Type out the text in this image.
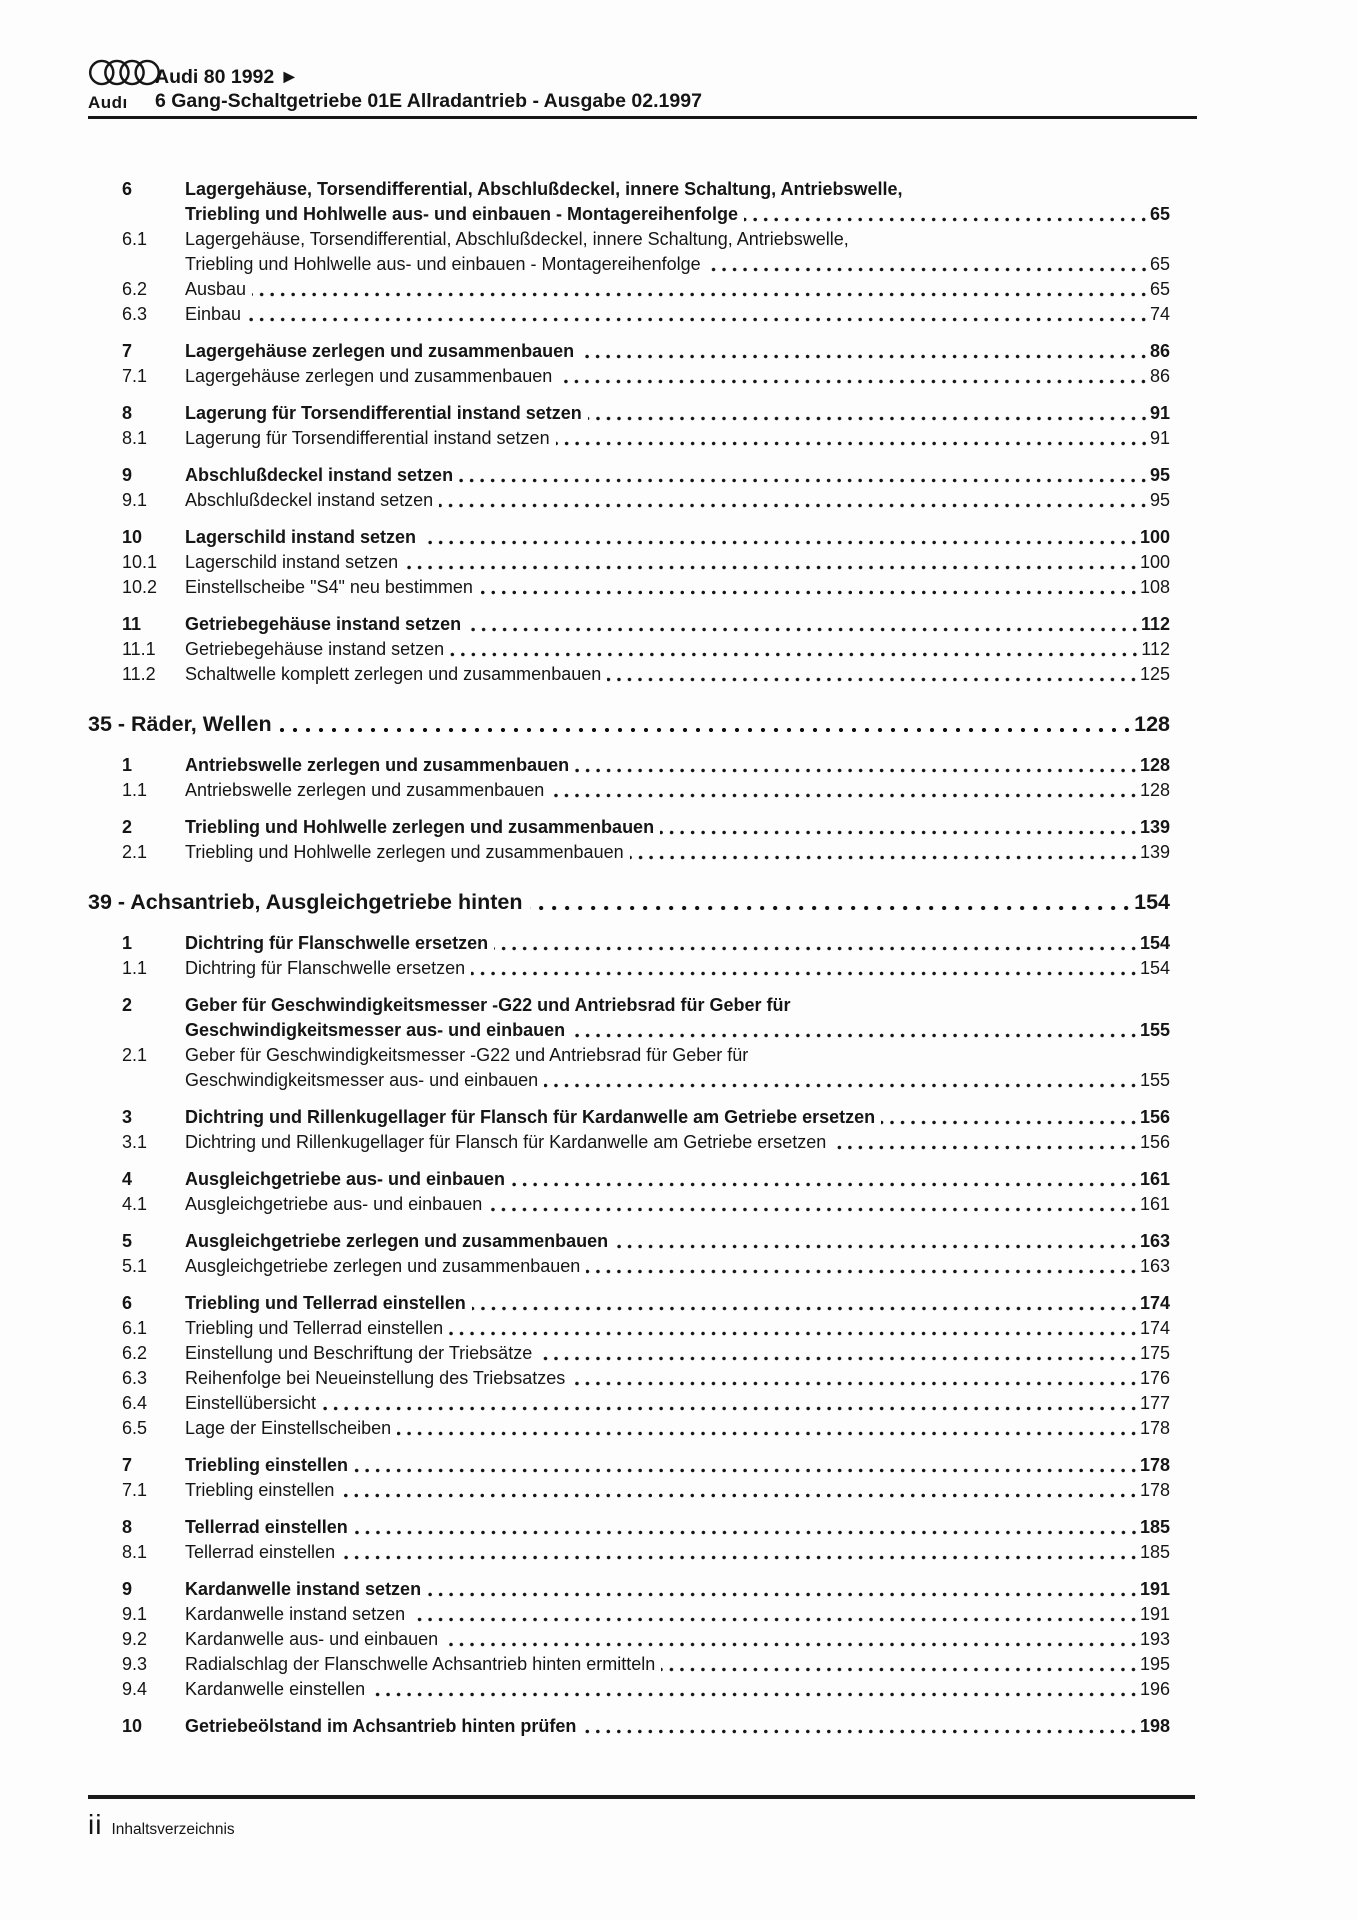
Audi 80 1992 ►
Audı	6 Gang-Schaltgetriebe 01E Allradantrieb - Ausgabe 02.1997
6	Lagergehäuse, Torsendifferential, Abschlußdeckel, innere Schaltung, Antriebswelle,
Triebling und Hohlwelle aus- und einbauen - Montagereihenfolge	65
6.1	Lagergehäuse, Torsendifferential, Abschlußdeckel, innere Schaltung, Antriebswelle,
Triebling und Hohlwelle aus- und einbauen - Montagereihenfolge	65
6.2	Ausbau	65
6.3	Einbau	74
7	Lagergehäuse zerlegen und zusammenbauen	86
7.1	Lagergehäuse zerlegen und zusammenbauen	86
8	Lagerung für Torsendifferential instand setzen	91
8.1	Lagerung für Torsendifferential instand setzen	91
9	Abschlußdeckel instand setzen	95
9.1	Abschlußdeckel instand setzen	95
10	Lagerschild instand setzen	100
10.1	Lagerschild instand setzen	100
10.2	Einstellscheibe "S4" neu bestimmen	108
11	Getriebegehäuse instand setzen	112
11.1	Getriebegehäuse instand setzen	112
11.2	Schaltwelle komplett zerlegen und zusammenbauen	125
35 - Räder, Wellen	128
1	Antriebswelle zerlegen und zusammenbauen	128
1.1	Antriebswelle zerlegen und zusammenbauen	128
2	Triebling und Hohlwelle zerlegen und zusammenbauen	139
2.1	Triebling und Hohlwelle zerlegen und zusammenbauen	139
39 - Achsantrieb, Ausgleichgetriebe hinten	154
1	Dichtring für Flanschwelle ersetzen	154
1.1	Dichtring für Flanschwelle ersetzen	154
2	Geber für Geschwindigkeitsmesser -G22 und Antriebsrad für Geber für
Geschwindigkeitsmesser aus- und einbauen	155
2.1	Geber für Geschwindigkeitsmesser -G22 und Antriebsrad für Geber für
Geschwindigkeitsmesser aus- und einbauen	155
3	Dichtring und Rillenkugellager für Flansch für Kardanwelle am Getriebe ersetzen	156
3.1	Dichtring und Rillenkugellager für Flansch für Kardanwelle am Getriebe ersetzen	156
4	Ausgleichgetriebe aus- und einbauen	161
4.1	Ausgleichgetriebe aus- und einbauen	161
5	Ausgleichgetriebe zerlegen und zusammenbauen	163
5.1	Ausgleichgetriebe zerlegen und zusammenbauen	163
6	Triebling und Tellerrad einstellen	174
6.1	Triebling und Tellerrad einstellen	174
6.2	Einstellung und Beschriftung der Triebsätze	175
6.3	Reihenfolge bei Neueinstellung des Triebsatzes	176
6.4	Einstellübersicht	177
6.5	Lage der Einstellscheiben	178
7	Triebling einstellen	178
7.1	Triebling einstellen	178
8	Tellerrad einstellen	185
8.1	Tellerrad einstellen	185
9	Kardanwelle instand setzen	191
9.1	Kardanwelle instand setzen	191
9.2	Kardanwelle aus- und einbauen	193
9.3	Radialschlag der Flanschwelle Achsantrieb hinten ermitteln	195
9.4	Kardanwelle einstellen	196
10	Getriebeölstand im Achsantrieb hinten prüfen	198
ii Inhaltsverzeichnis
